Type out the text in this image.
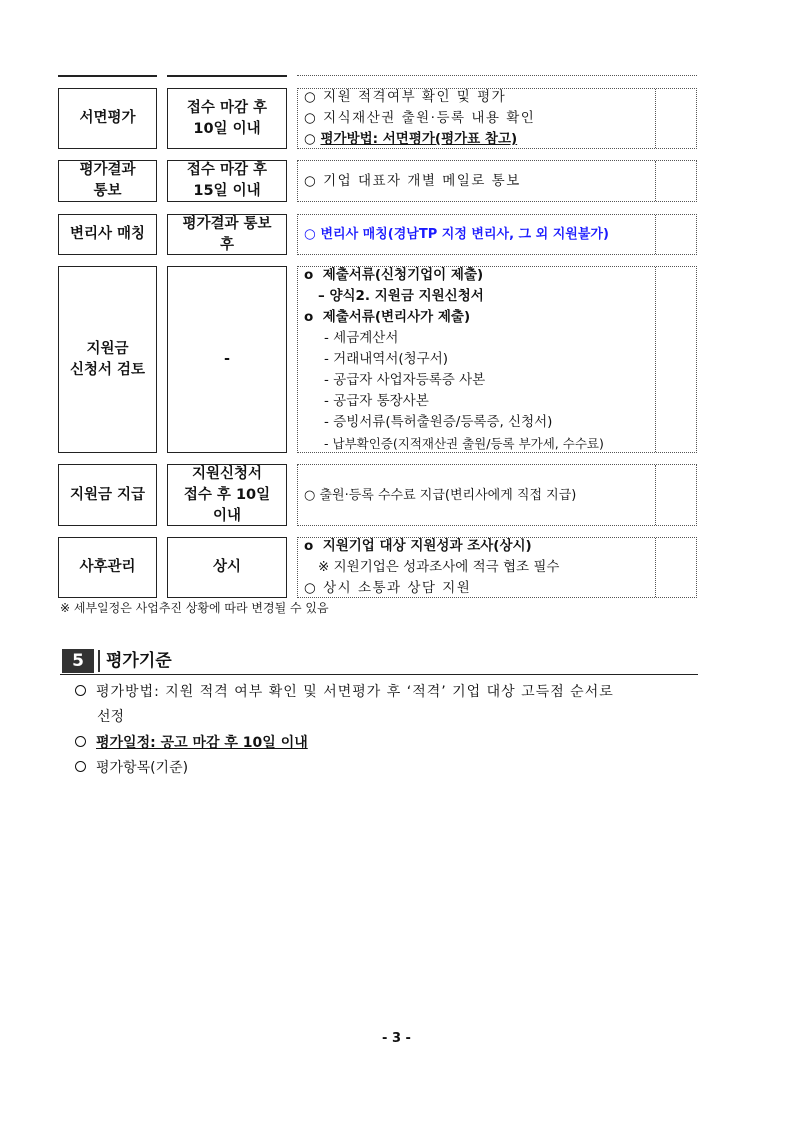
서면평가
접수 마감 후
10일 이내
○ 지원 적격여부 확인 및 평가
○ 지식재산권 출원·등록 내용 확인
○ 평가방법: 서면평가(평가표 참고)
평가결과
통보
접수 마감 후
15일 이내
○ 기업 대표자 개별 메일로 통보
변리사 매칭
평가결과 통보
후
○ 변리사 매칭(경남TP 지정 변리사, 그 외 지원불가)
지원금
신청서 검토
-
o 제출서류(신청기업이 제출)
– 양식2. 지원금 지원신청서
o 제출서류(변리사가 제출)
- 세금계산서
- 거래내역서(청구서)
- 공급자 사업자등록증 사본
- 공급자 통장사본
- 증빙서류(특허출원증/등록증, 신청서)
- 납부확인증(지적재산권 출원/등록 부가세, 수수료)
지원금 지급
지원신청서
접수 후 10일
이내
○ 출원·등록 수수료 지급(변리사에게 직접 지급)
사후관리	상시
o 지원기업 대상 지원성과 조사(상시)
※ 지원기업은 성과조사에 적극 협조 필수
○ 상시 소통과 상담 지원
※ 세부일정은 사업추진 상황에 따라 변경될 수 있음
5	평가기준
평가방법: 지원 적격 여부 확인 및 서면평가 후 ‘적격’ 기업 대상 고득점 순서로
선정
평가일정: 공고 마감 후 10일 이내
평가항목(기준)
- 3 -
